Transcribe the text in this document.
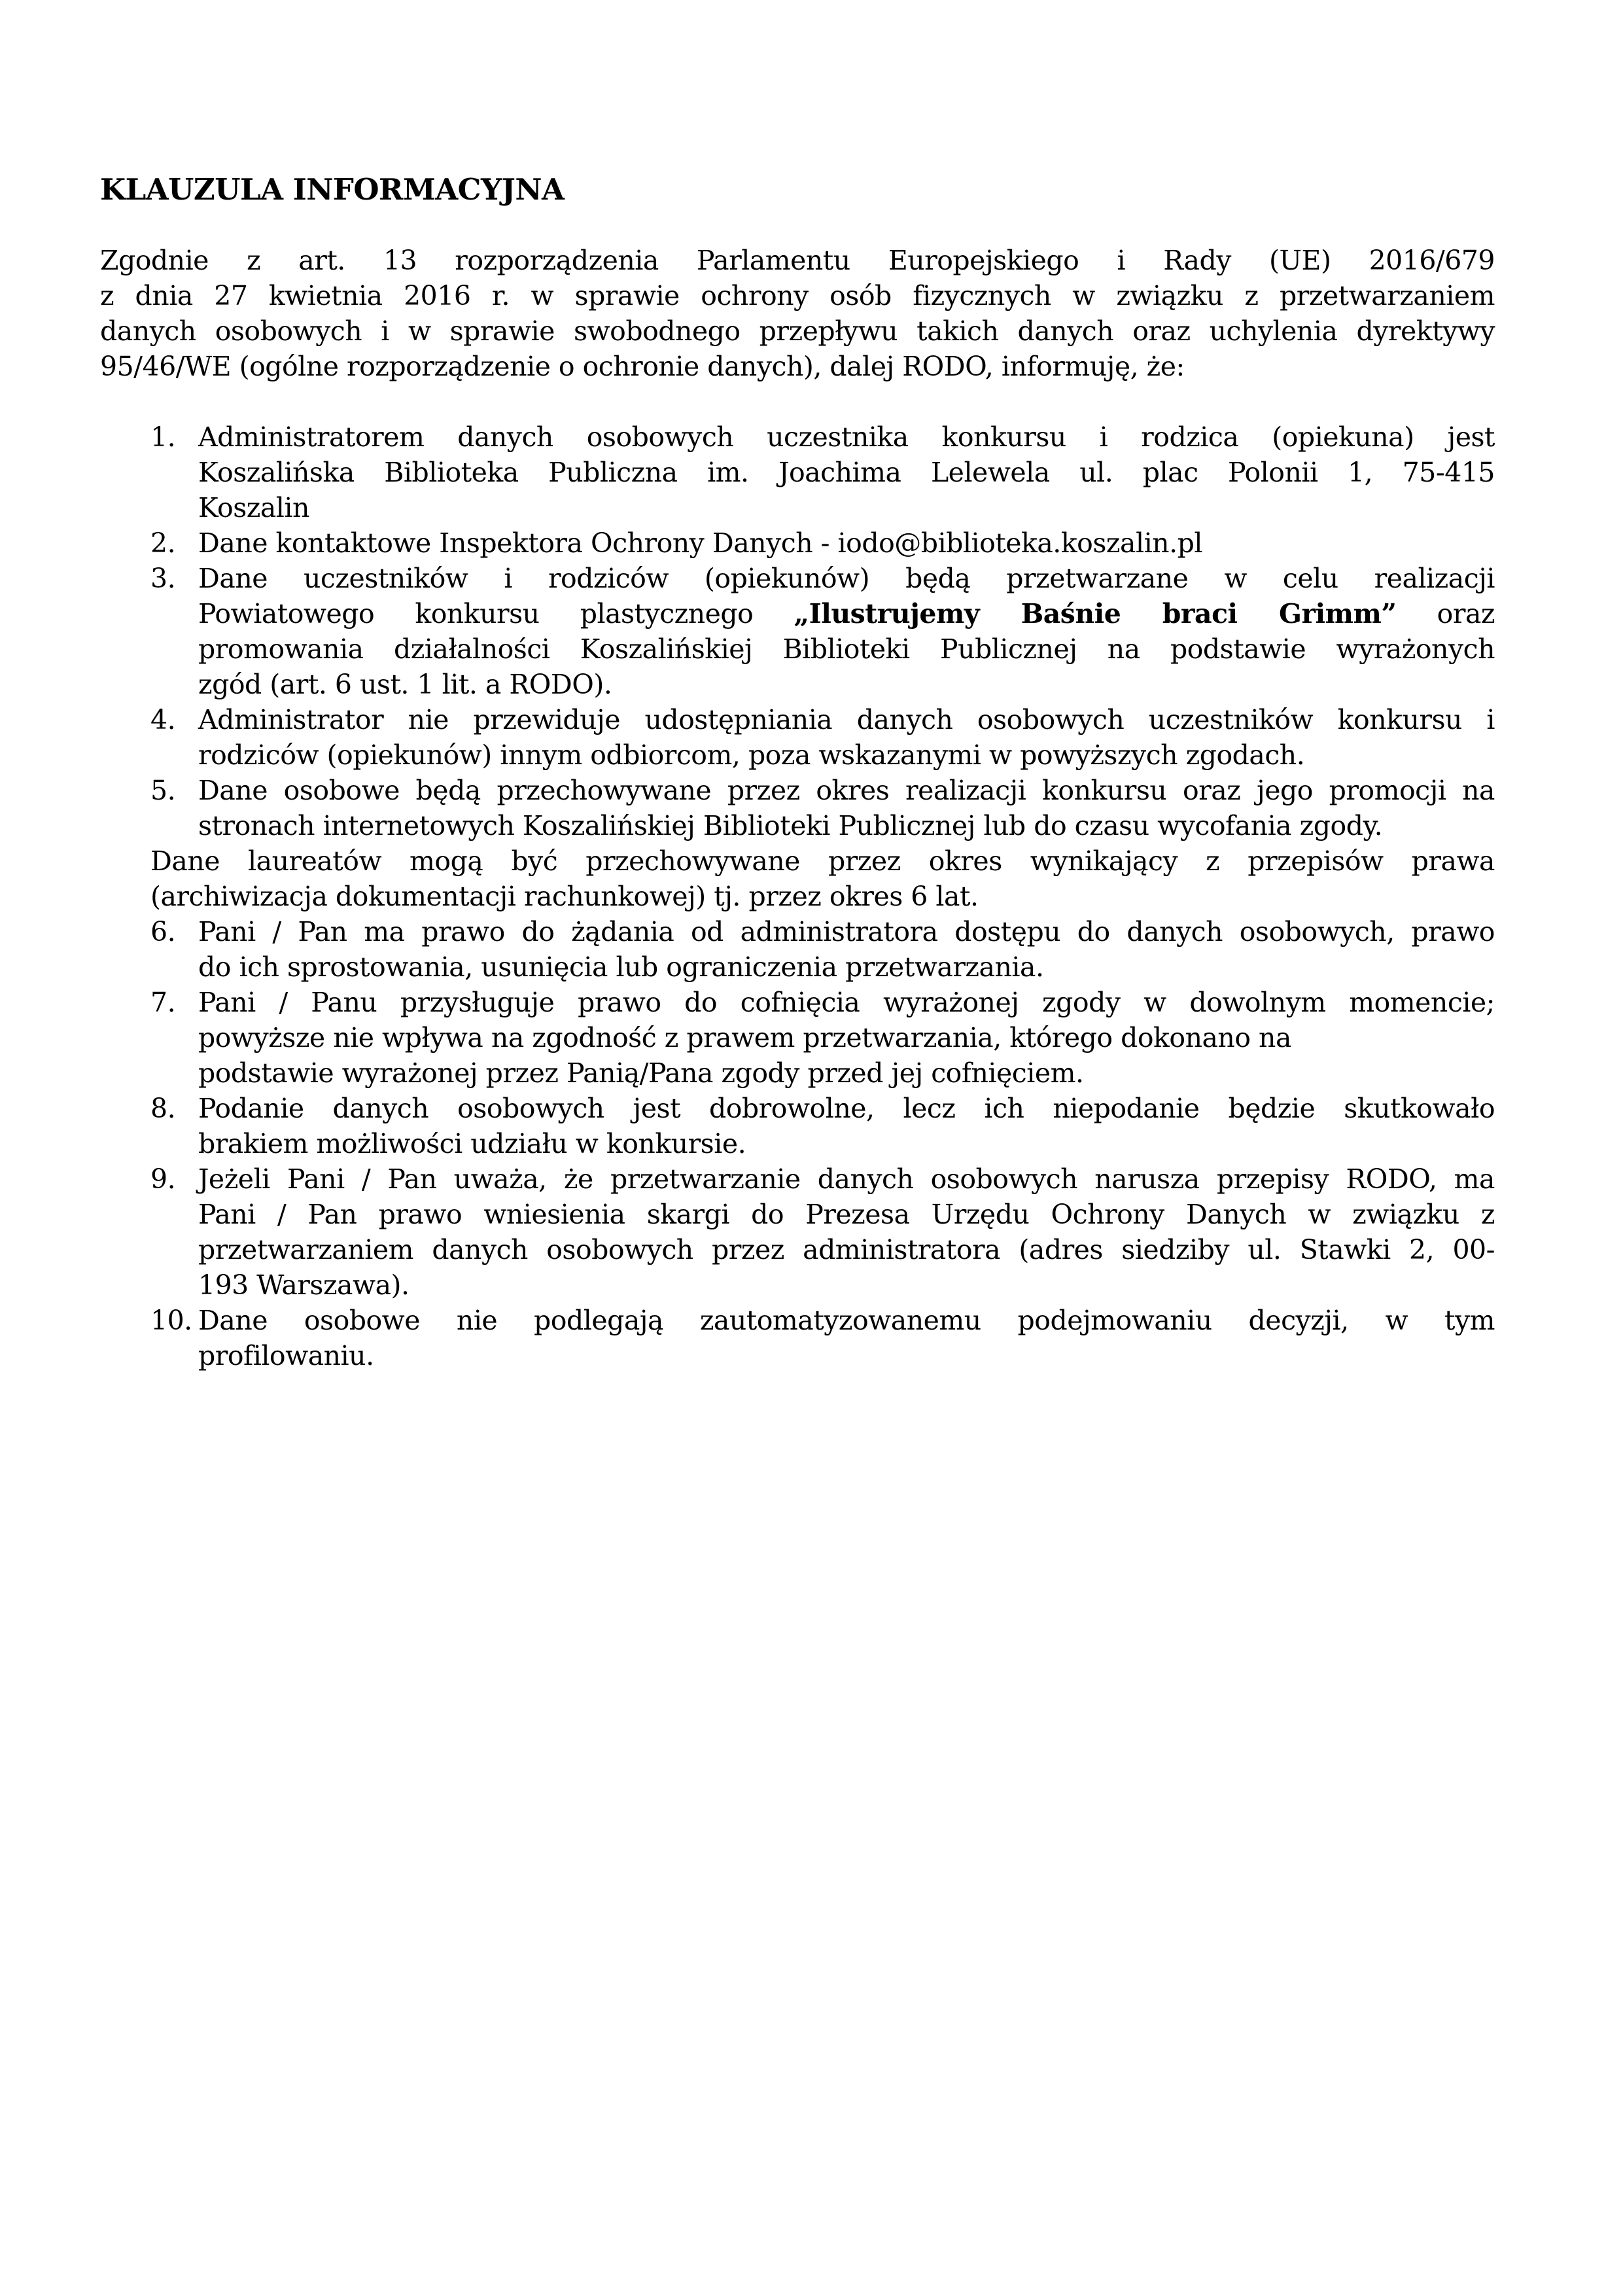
KLAUZULA INFORMACYJNA
Zgodnie z art. 13 rozporządzenia Parlamentu Europejskiego i Rady (UE) 2016/679
z dnia 27 kwietnia 2016 r. w sprawie ochrony osób fizycznych w związku z przetwarzaniem
danych osobowych i w sprawie swobodnego przepływu takich danych oraz uchylenia dyrektywy
95/46/WE (ogólne rozporządzenie o ochronie danych), dalej RODO, informuję, że:
1. Administratorem danych osobowych uczestnika konkursu i rodzica (opiekuna) jest
Koszalińska Biblioteka Publiczna im. Joachima Lelewela ul. plac Polonii 1, 75-415
Koszalin
2. Dane kontaktowe Inspektora Ochrony Danych - iodo@biblioteka.koszalin.pl
3. Dane uczestników i rodziców (opiekunów) będą przetwarzane w celu realizacji
Powiatowego konkursu plastycznego „Ilustrujemy Baśnie braci Grimm” oraz
promowania działalności Koszalińskiej Biblioteki Publicznej na podstawie wyrażonych
zgód (art. 6 ust. 1 lit. a RODO).
4. Administrator nie przewiduje udostępniania danych osobowych uczestników konkursu i
rodziców (opiekunów) innym odbiorcom, poza wskazanymi w powyższych zgodach.
5. Dane osobowe będą przechowywane przez okres realizacji konkursu oraz jego promocji na
stronach internetowych Koszalińskiej Biblioteki Publicznej lub do czasu wycofania zgody.
Dane laureatów mogą być przechowywane przez okres wynikający z przepisów prawa
(archiwizacja dokumentacji rachunkowej) tj. przez okres 6 lat.
6. Pani / Pan ma prawo do żądania od administratora dostępu do danych osobowych, prawo
do ich sprostowania, usunięcia lub ograniczenia przetwarzania.
7. Pani / Panu przysługuje prawo do cofnięcia wyrażonej zgody w dowolnym momencie;
powyższe nie wpływa na zgodność z prawem przetwarzania, którego dokonano na
podstawie wyrażonej przez Panią/Pana zgody przed jej cofnięciem.
8. Podanie danych osobowych jest dobrowolne, lecz ich niepodanie będzie skutkowało
brakiem możliwości udziału w konkursie.
9. Jeżeli Pani / Pan uważa, że przetwarzanie danych osobowych narusza przepisy RODO, ma
Pani / Pan prawo wniesienia skargi do Prezesa Urzędu Ochrony Danych w związku z
przetwarzaniem danych osobowych przez administratora (adres siedziby ul. Stawki 2, 00-
193 Warszawa).
10. Dane osobowe nie podlegają zautomatyzowanemu podejmowaniu decyzji, w tym
profilowaniu.
